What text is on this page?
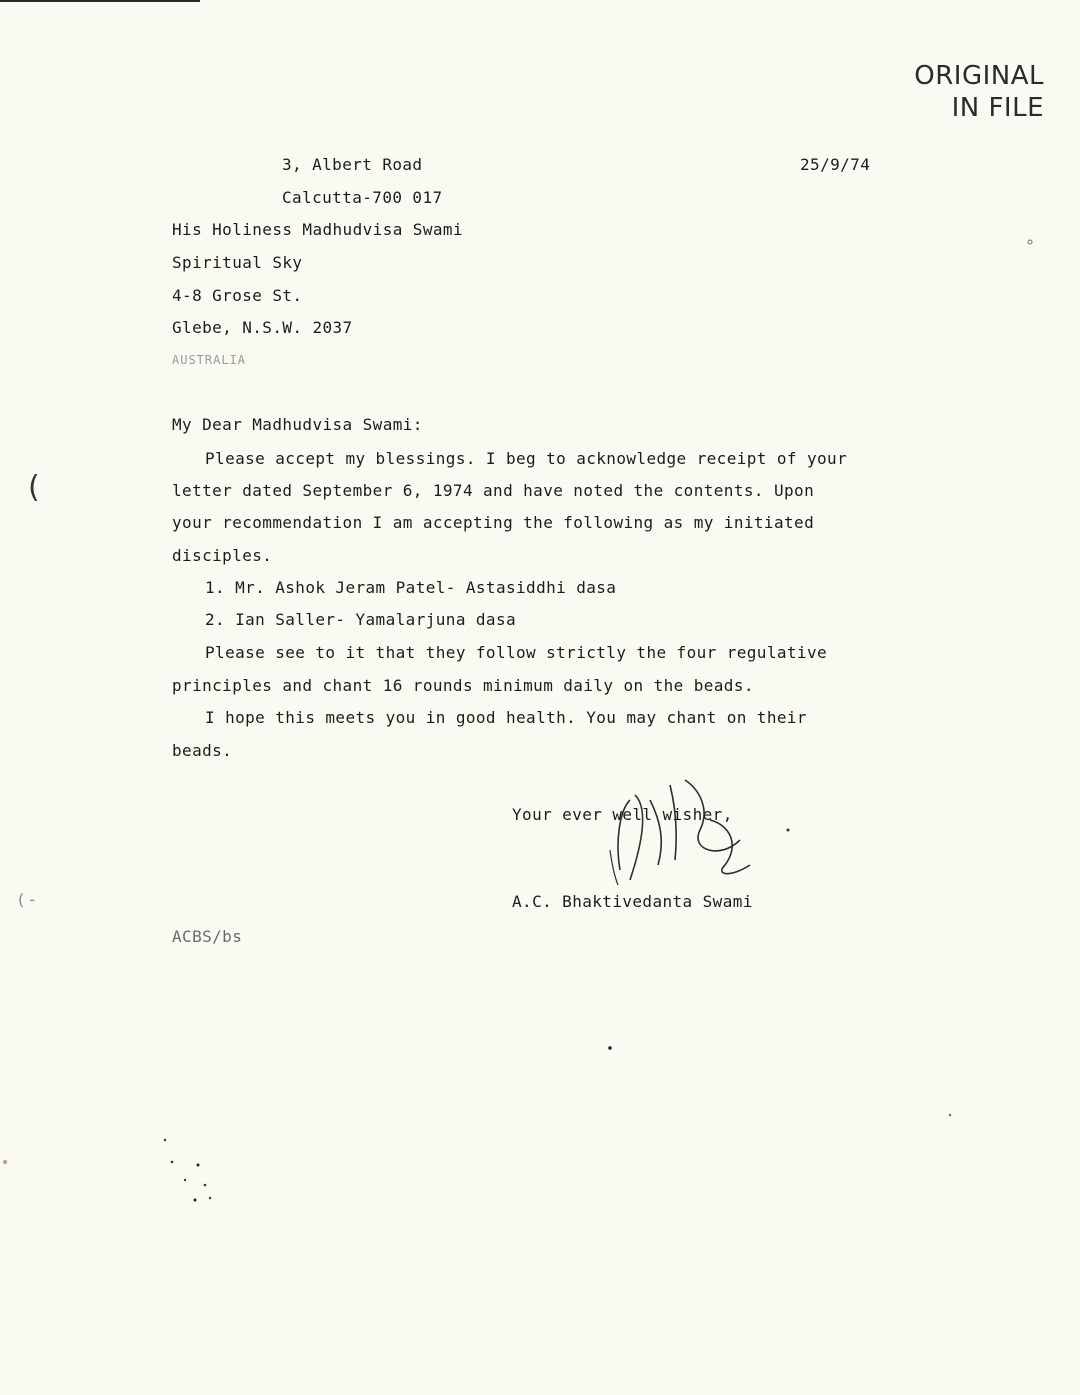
ORIGINAL
IN FILE
3, Albert Road
Calcutta-700 017
25/9/74
His Holiness Madhudvisa Swami
Spiritual Sky
4-8 Grose St.
Glebe, N.S.W. 2037
AUSTRALIA
My Dear Madhudvisa Swami:
Please accept my blessings. I beg to acknowledge receipt of your
letter dated September 6, 1974 and have noted the contents. Upon
your recommendation I am accepting the following as my initiated
disciples.
1. Mr. Ashok Jeram Patel- Astasiddhi dasa
2. Ian Saller- Yamalarjuna dasa
Please see to it that they follow strictly the four regulative
principles and chant 16 rounds minimum daily on the beads.
I hope this meets you in good health. You may chant on their
beads.
Your ever well wisher,
A.C. Bhaktivedanta Swami
ACBS/bs
(
( -
